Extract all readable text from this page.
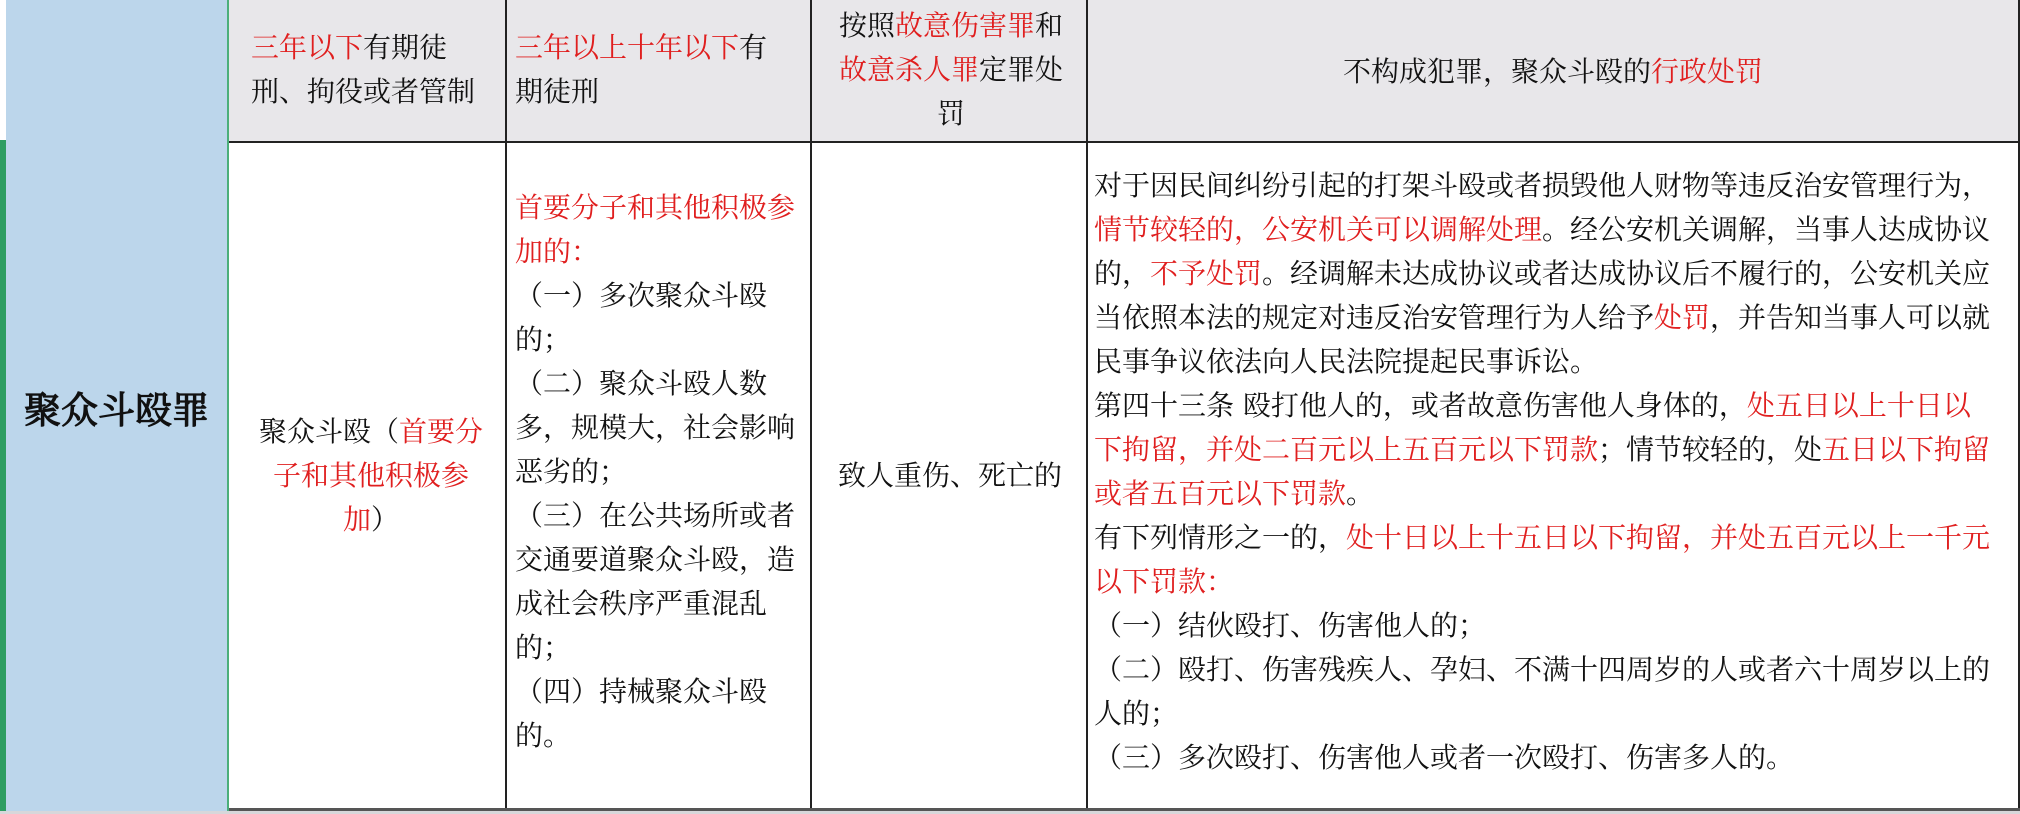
聚众斗殴罪
三年以下有期徒刑、拘役或者管制
聚众斗殴（首要分子和其他积极参加）
三年以上十年以下有期徒刑
首要分子和其他积极参加的：
（一）多次聚众斗殴的；
（二）聚众斗殴人数多，规模大，社会影响恶劣的；
（三）在公共场所或者交通要道聚众斗殴，造成社会秩序严重混乱的；
（四）持械聚众斗殴的。
按照故意伤害罪和故意杀人罪定罪处罚
致人重伤、死亡的
不构成犯罪，聚众斗殴的行政处罚
对于因民间纠纷引起的打架斗殴或者损毁他人财物等违反治安管理行为，情节较轻的，公安机关可以调解处理。经公安机关调解，当事人达成协议的，不予处罚。经调解未达成协议或者达成协议后不履行的，公安机关应当依照本法的规定对违反治安管理行为人给予处罚，并告知当事人可以就民事争议依法向人民法院提起民事诉讼。
第四十三条 殴打他人的，或者故意伤害他人身体的，处五日以上十日以下拘留，并处二百元以上五百元以下罚款；情节较轻的，处五日以下拘留或者五百元以下罚款。
有下列情形之一的，处十日以上十五日以下拘留，并处五百元以上一千元以下罚款：
（一）结伙殴打、伤害他人的；
（二）殴打、伤害残疾人、孕妇、不满十四周岁的人或者六十周岁以上的人的；
（三）多次殴打、伤害他人或者一次殴打、伤害多人的。
